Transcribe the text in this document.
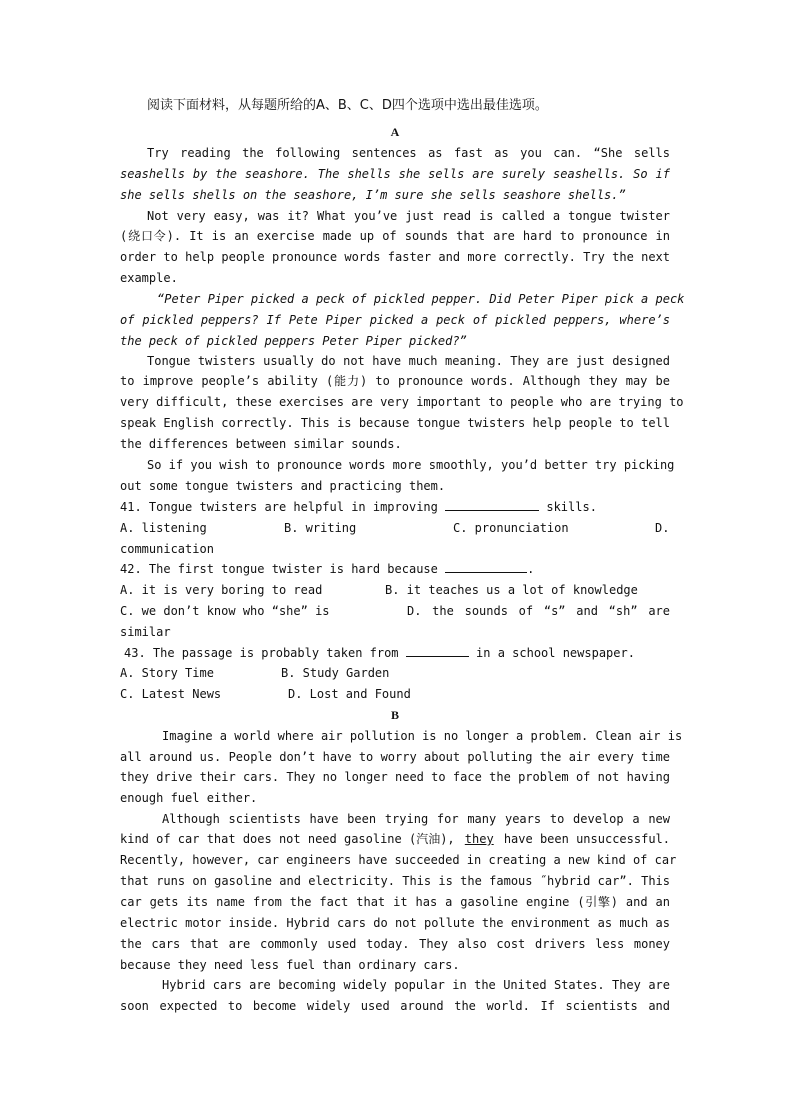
阅读下面材料，从每题所给的A、B、C、D四个选项中选出最佳选项。
A
Try reading the following sentences as fast as you can. “She sells
seashells by the seashore. The shells she sells are surely seashells. So if
she sells shells on the seashore, I’m sure she sells seashore shells.”
Not very easy, was it? What you’ve just read is called a tongue twister
(绕口令). It is an exercise made up of sounds that are hard to pronounce in
order to help people pronounce words faster and more correctly. Try the next
example.
“Peter Piper picked a peck of pickled pepper. Did Peter Piper pick a peck
of pickled peppers? If Pete Piper picked a peck of pickled peppers, where’s
the peck of pickled peppers Peter Piper picked?”
Tongue twisters usually do not have much meaning. They are just designed
to improve people’s ability (能力) to pronounce words. Although they may be
very difficult, these exercises are very important to people who are trying to
speak English correctly. This is because tongue twisters help people to tell
the differences between similar sounds.
So if you wish to pronounce words more smoothly, you’d better try picking
out some tongue twisters and practicing them.
41. Tongue twisters are helpful in improving	skills.
A. listening	B. writing	C. pronunciation	D.
communication
42. The first tongue twister is hard because	.
A. it is very boring to read	B. it teaches us a lot of knowledge
C. we don’t know who “she” is	D. the sounds of “s” and “sh” are
similar
43. The passage is probably taken from	in a school newspaper.
A. Story Time	B. Study Garden
C. Latest News	D. Lost and Found
B
Imagine a world where air pollution is no longer a problem. Clean air is
all around us. People don’t have to worry about polluting the air every time
they drive their cars. They no longer need to face the problem of not having
enough fuel either.
Although scientists have been trying for many years to develop a new
kind of car that does not need gasoline (汽油), they have been unsuccessful.
Recently, however, car engineers have succeeded in creating a new kind of car
that runs on gasoline and electricity. This is the famous ˝hybrid car”. This
car gets its name from the fact that it has a gasoline engine (引擎) and an
electric motor inside. Hybrid cars do not pollute the environment as much as
the cars that are commonly used today. They also cost drivers less money
because they need less fuel than ordinary cars.
Hybrid cars are becoming widely popular in the United States. They are
soon expected to become widely used around the world. If scientists and
